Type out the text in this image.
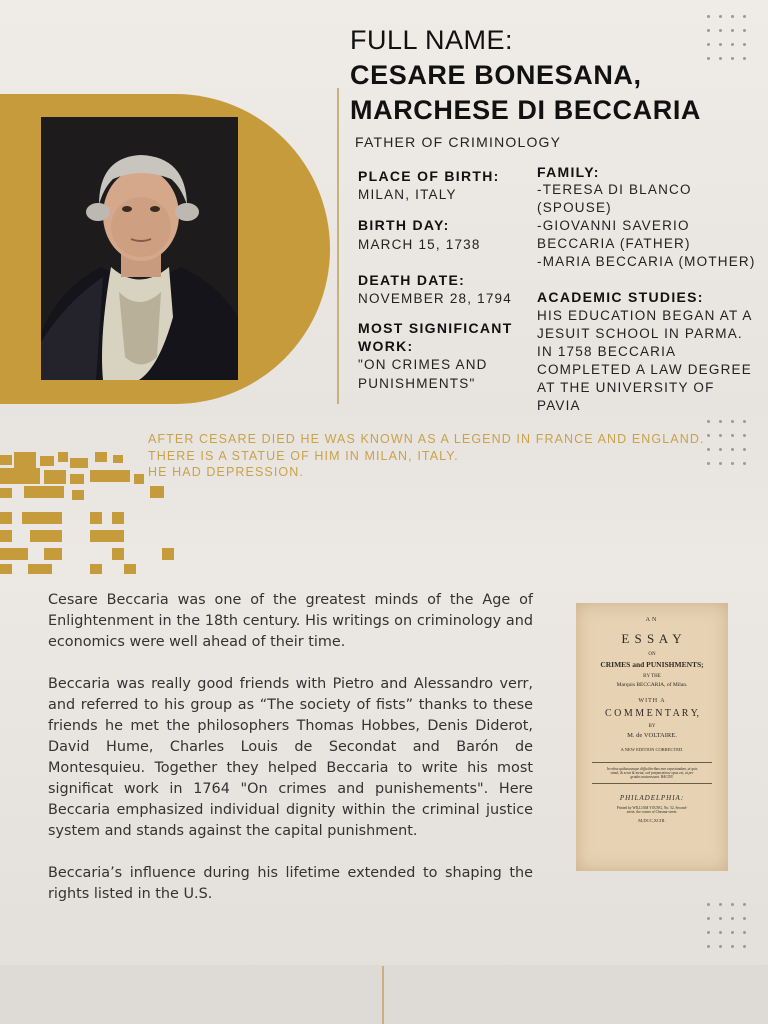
FULL NAME:
CESARE BONESANA,
MARCHESE DI BECCARIA
FATHER OF CRIMINOLOGY
PLACE OF BIRTH:
MILAN, ITALY
BIRTH DAY:
MARCH 15, 1738
DEATH DATE:
NOVEMBER 28, 1794
MOST SIGNIFICANT
WORK:
"ON CRIMES AND
PUNISHMENTS"
FAMILY:
-TERESA DI BLANCO
(SPOUSE)
-GIOVANNI SAVERIO
BECCARIA (FATHER)
-MARIA BECCARIA (MOTHER)
ACADEMIC STUDIES:
HIS EDUCATION BEGAN AT A
JESUIT SCHOOL IN PARMA.
IN 1758 BECCARIA
COMPLETED A LAW DEGREE
AT THE UNIVERSITY OF
PAVIA
AFTER CESARE DIED HE WAS KNOWN AS A LEGEND IN FRANCE AND ENGLAND.
THERE IS A STATUE OF HIM IN MILAN, ITALY.
HE HAD DEPRESSION.

Cesare Beccaria was one of the greatest minds of the Age of Enlightenment in the 18th century. His writings on criminology and economics were well ahead of their time.

Beccaria was really good friends with Pietro and Alessandro verr, and referred to his group as “The society of fists” thanks to these friends he met the philosophers Thomas Hobbes, Denis Diderot, David Hume, Charles Louis de Secondat and Barón de Montesquieu. Together they helped Beccaria to write his most significat work in 1764 "On crimes and punishements". Here Beccaria emphasized individual dignity within the criminal justice system and stands against the capital punishment.

Beccaria’s influence during his lifetime extended to shaping the rights listed in the U.S.

AN
E S S A Y
ON
CRIMES and PUNISHMENTS;
BY THE
Marquis BECCARIA, of Milan.
WITH A
C O M M E N T A R Y,
BY
M. de VOLTAIRE.
A NEW EDITION CORRECTED.
In rebus quibuscunque difficilioribus non expectandum, ut quis
simul, & serat & metat, sed præparatione opus est, ut per
gradus maturescant. BACON.
PHILADELPHIA:
Printed by WILLIAM YOUNG, No. 52, Second-
street, the corner of Chesnut-street.
M,DCC,XCIII.
